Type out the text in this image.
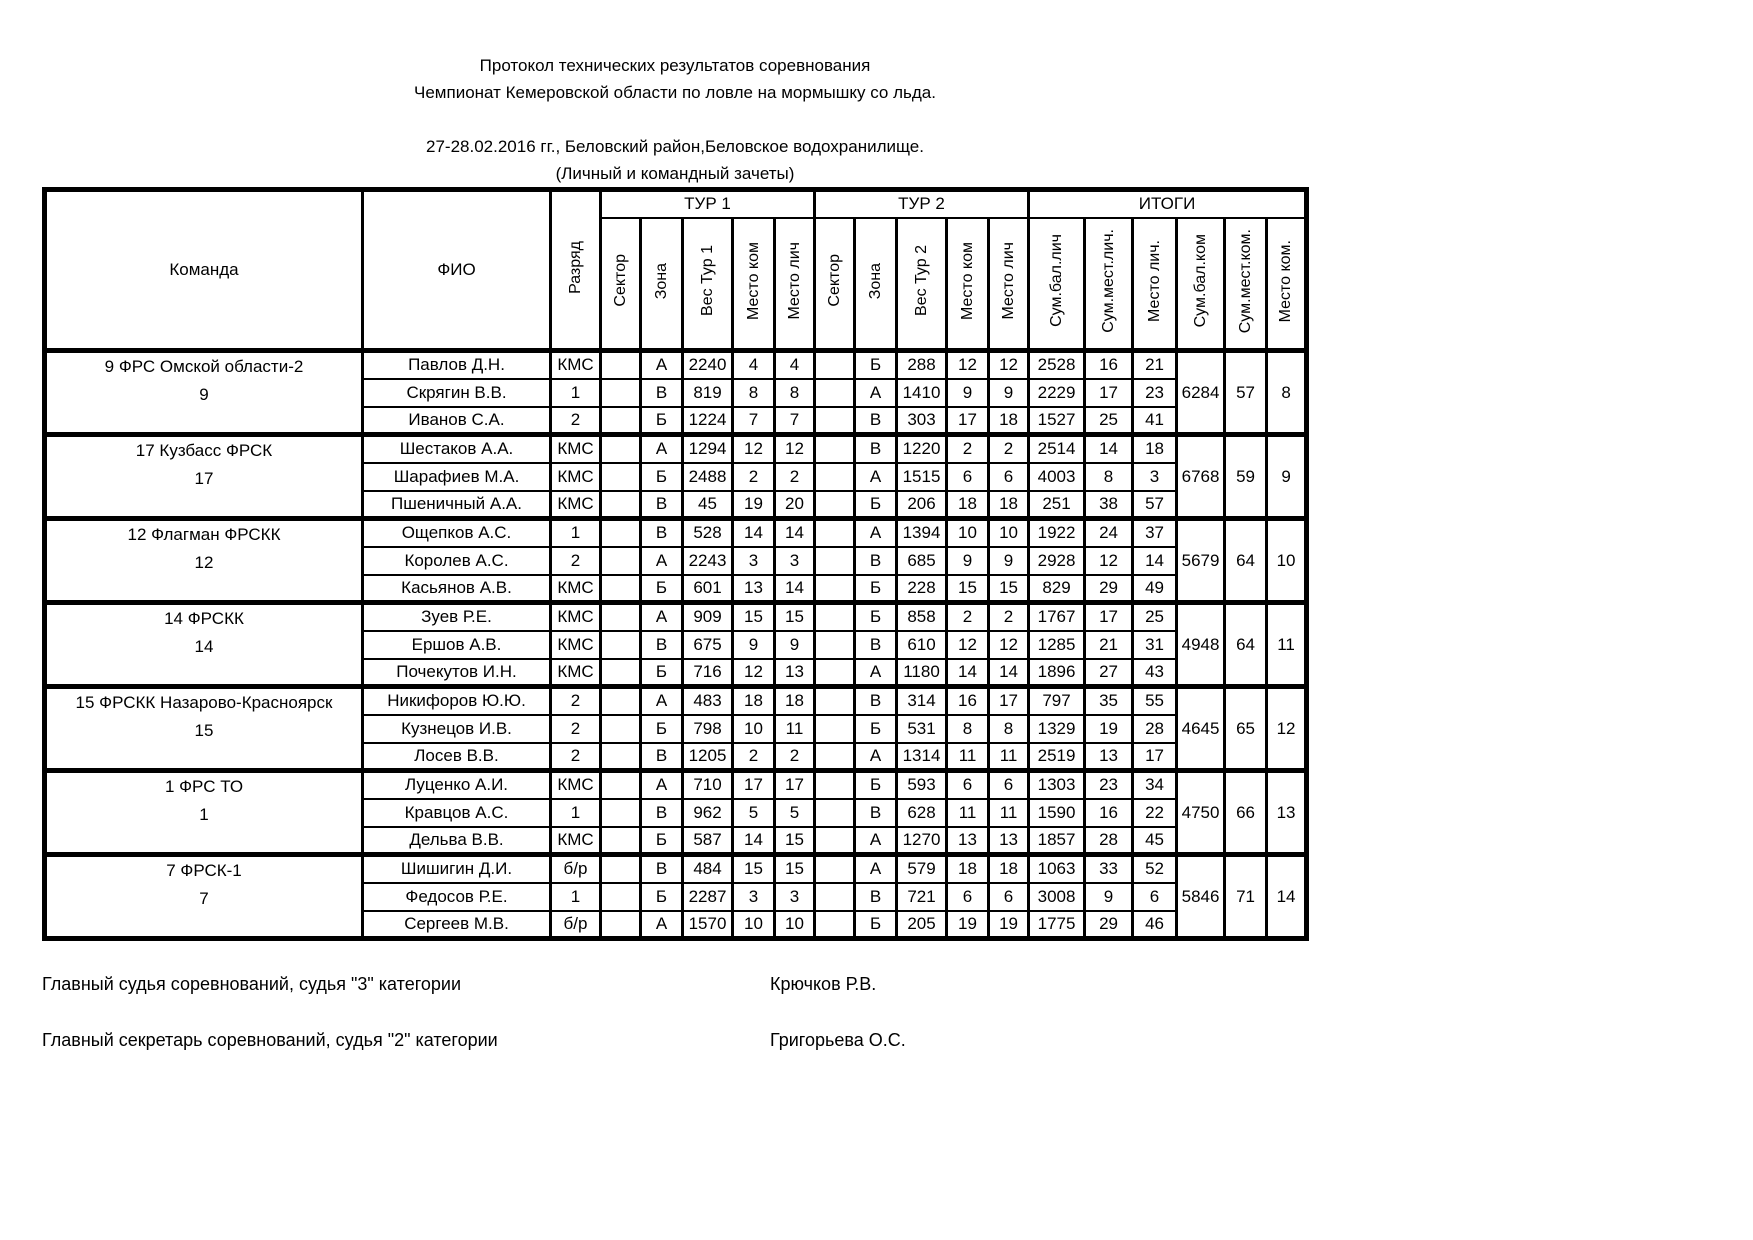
Протокол технических результатов соревнования
Чемпионат Кемеровской области по ловле на мормышку со льда.
27-28.02.2016 гг., Беловский район,Беловское водохранилище.
(Личный и командный зачеты)
Команда	ФИО	Разряд	ТУР 1					ТУР 2					ИТОГИ					
			Сектор	Зона	Вес Тур 1	Место ком	Место лич	Сектор	Зона	Вес Тур 2	Место ком	Место лич	Сум.бал.лич	Сум.мест.лич.	Место лич.	Сум.бал.ком	Сум.мест.ком.	Место ком.

9 ФРС Омской области-2
9	Павлов Д.Н.	КМС		А	2240	4	4		Б	288	12	12	2528	16	21	6284	57	8
	Скрягин В.В.	1		В	819	8	8		А	1410	9	9	2229	17	23			
	Иванов С.А.	2		Б	1224	7	7		В	303	17	18	1527	25	41			

17 Кузбасс ФРСК
17	Шестаков А.А.	КМС		А	1294	12	12		В	1220	2	2	2514	14	18	6768	59	9
	Шарафиев М.А.	КМС		Б	2488	2	2		А	1515	6	6	4003	8	3			
	Пшеничный А.А.	КМС		В	45	19	20		Б	206	18	18	251	38	57			

12 Флагман ФРСКК
12	Ощепков А.С.	1		В	528	14	14		А	1394	10	10	1922	24	37	5679	64	10
	Королев А.С.	2		А	2243	3	3		В	685	9	9	2928	12	14			
	Касьянов А.В.	КМС		Б	601	13	14		Б	228	15	15	829	29	49			

14 ФРСКК
14	Зуев Р.Е.	КМС		А	909	15	15		Б	858	2	2	1767	17	25	4948	64	11
	Ершов А.В.	КМС		В	675	9	9		В	610	12	12	1285	21	31			
	Почекутов И.Н.	КМС		Б	716	12	13		А	1180	14	14	1896	27	43			

15 ФРСКК Назарово-Красноярск
15	Никифоров Ю.Ю.	2		А	483	18	18		В	314	16	17	797	35	55	4645	65	12
	Кузнецов И.В.	2		Б	798	10	11		Б	531	8	8	1329	19	28			
	Лосев В.В.	2		В	1205	2	2		А	1314	11	11	2519	13	17			

1 ФРС ТО
1	Луценко А.И.	КМС		А	710	17	17		Б	593	6	6	1303	23	34	4750	66	13
	Кравцов А.С.	1		В	962	5	5		В	628	11	11	1590	16	22			
	Дельва В.В.	КМС		Б	587	14	15		А	1270	13	13	1857	28	45			

7 ФРСК-1
7	Шишигин Д.И.	б/р		В	484	15	15		А	579	18	18	1063	33	52	5846	71	14
	Федосов Р.Е.	1		Б	2287	3	3		В	721	6	6	3008	9	6			
	Сергеев М.В.	б/р		А	1570	10	10		Б	205	19	19	1775	29	46			
Главный судья соревнований, судья "3" категории	Крючков Р.В.
Главный секретарь соревнований, судья "2" категории	Григорьева О.С.
